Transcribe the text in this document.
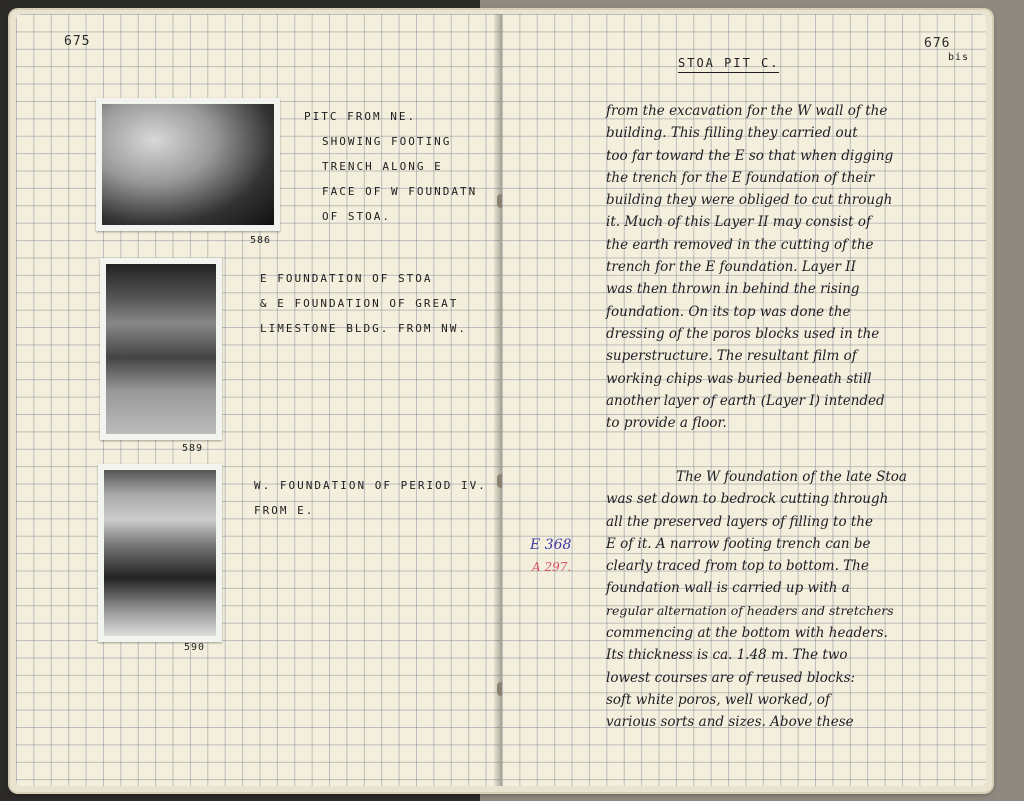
675
586
PITC FROM NE.
SHOWING FOOTING
TRENCH ALONG E
FACE OF W FOUNDATN
OF STOA.
589
E FOUNDATION OF STOA
& E FOUNDATION OF GREAT
LIMESTONE BLDG. FROM NW.
590
W. FOUNDATION OF PERIOD IV.
FROM E.
676
bis
STOA PIT C.
from the excavation for the W wall of the
building. This filling they carried out
too far toward the E so that when digging
the trench for the E foundation of their
building they were obliged to cut through
it. Much of this Layer II may consist of
the earth removed in the cutting of the
trench for the E foundation. Layer II
was then thrown in behind the rising
foundation. On its top was done the
dressing of the poros blocks used in the
superstructure. The resultant film of
working chips was buried beneath still
another layer of earth (Layer I) intended
to provide a floor.
The W foundation of the late Stoa
was set down to bedrock cutting through
all the preserved layers of filling to the
E of it. A narrow footing trench can be
clearly traced from top to bottom. The
foundation wall is carried up with a
regular alternation of headers and stretchers
commencing at the bottom with headers.
Its thickness is ca. 1.48 m. The two
lowest courses are of reused blocks:
soft white poros, well worked, of
various sorts and sizes. Above these
E 368
A 297.
